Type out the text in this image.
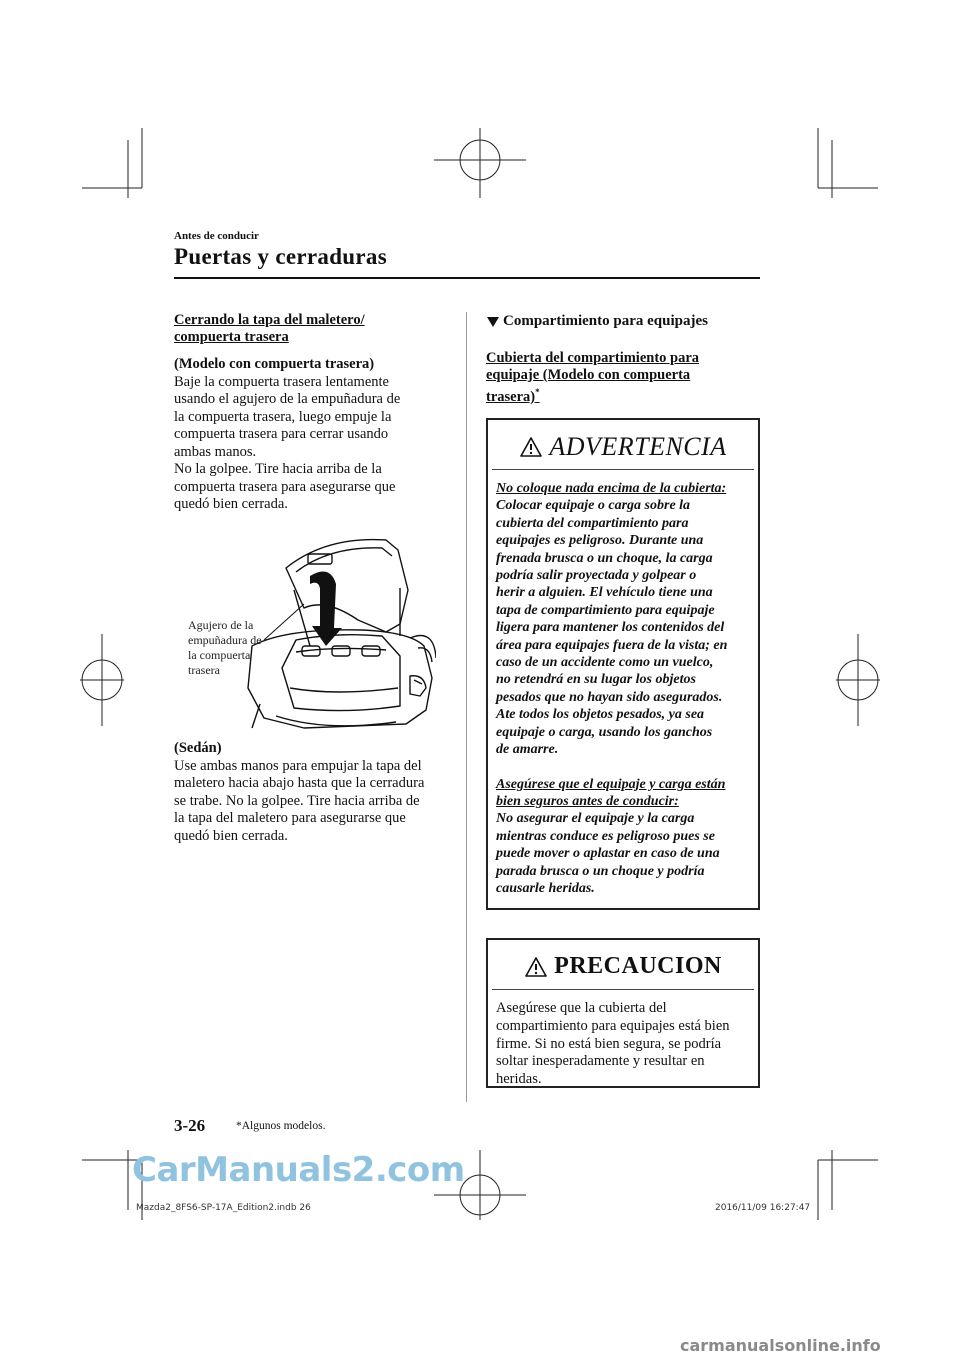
Antes de conducir
Puertas y cerraduras
Cerrando la tapa del maletero/
compuerta trasera
(Modelo con compuerta trasera)
Baje la compuerta trasera lentamente
usando el agujero de la empuñadura de
la compuerta trasera, luego empuje la
compuerta trasera para cerrar usando
ambas manos.
No la golpee. Tire hacia arriba de la
compuerta trasera para asegurarse que
quedó bien cerrada.
Agujero de la
empuñadura de
la compuerta
trasera
(Sedán)
Use ambas manos para empujar la tapa del
maletero hacia abajo hasta que la cerradura
se trabe. No la golpee. Tire hacia arriba de
la tapa del maletero para asegurarse que
quedó bien cerrada.
Compartimiento para equipajes
Cubierta del compartimiento para
equipaje (Modelo con compuerta
trasera)*
ADVERTENCIA
No coloque nada encima de la cubierta:
Colocar equipaje o carga sobre la
cubierta del compartimiento para
equipajes es peligroso. Durante una
frenada brusca o un choque, la carga
podría salir proyectada y golpear o
herir a alguien. El vehículo tiene una
tapa de compartimiento para equipaje
ligera para mantener los contenidos del
área para equipajes fuera de la vista; en
caso de un accidente como un vuelco,
no retendrá en su lugar los objetos
pesados que no hayan sido asegurados.
Ate todos los objetos pesados, ya sea
equipaje o carga, usando los ganchos
de amarre.
Asegúrese que el equipaje y carga están
bien seguros antes de conducir:
No asegurar el equipaje y la carga
mientras conduce es peligroso pues se
puede mover o aplastar en caso de una
parada brusca o un choque y podría
causarle heridas.
PRECAUCION
Asegúrese que la cubierta del
compartimiento para equipajes está bien
firme. Si no está bien segura, se podría
soltar inesperadamente y resultar en
heridas.
3-26	*Algunos modelos.
CarManuals2.com
Mazda2_8FS6-SP-17A_Edition2.indb 26	2016/11/09 16:27:47
carmanualsonline.info
